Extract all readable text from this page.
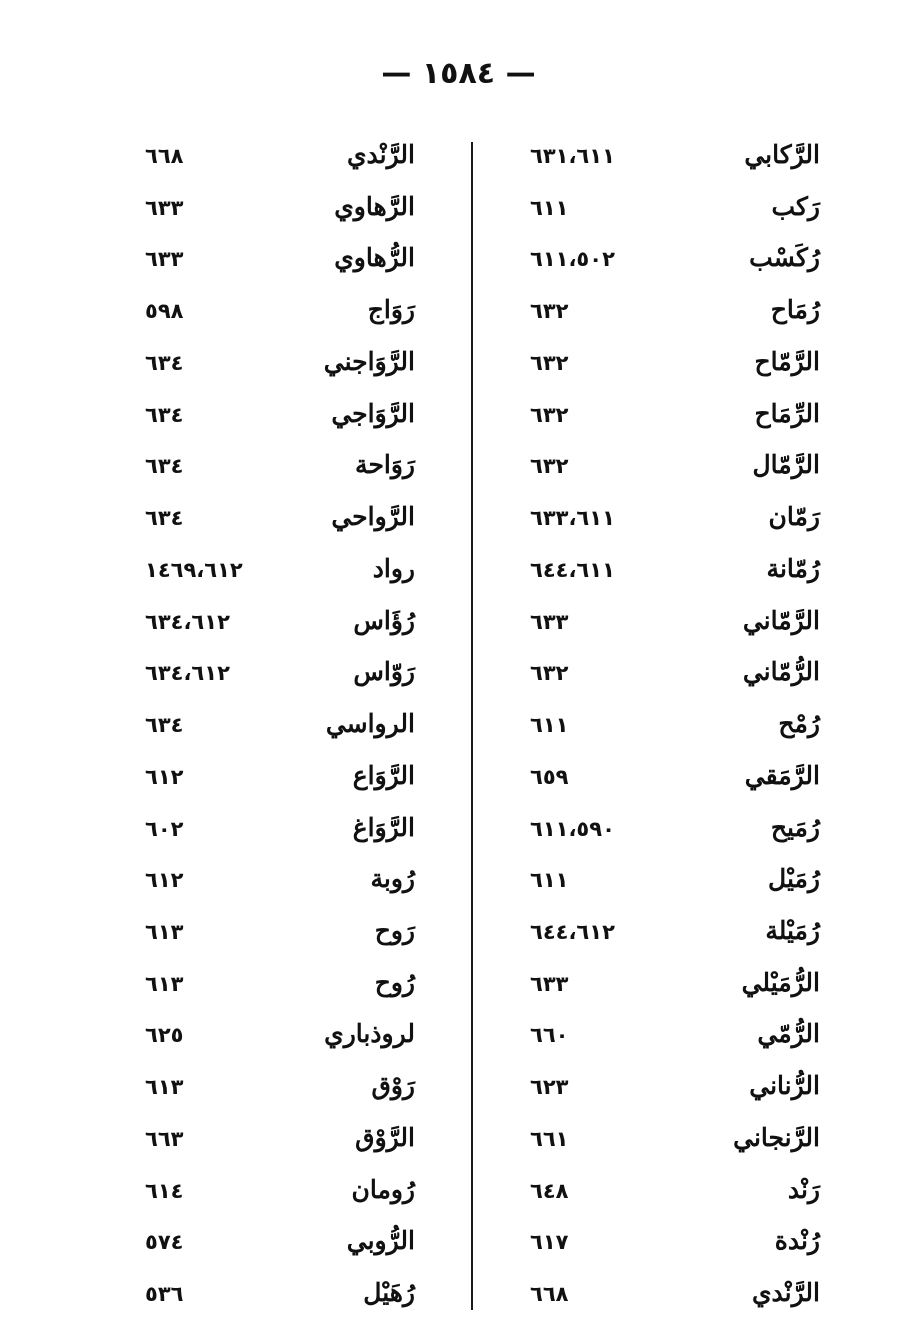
— ١٥٨٤ —
الرَّكابي
٦٣١،٦١١
رَكب
٦١١
رُكَسْب
٦١١،٥٠٢
رُمَاح
٦٣٢
الرَّمّاح
٦٣٢
الرِّمَاح
٦٣٢
الرَّمّال
٦٣٢
رَمّان
٦٣٣،٦١١
رُمّانة
٦٤٤،٦١١
الرَّمّاني
٦٣٣
الرُّمّاني
٦٣٢
رُمْح
٦١١
الرَّمَقي
٦٥٩
رُمَيح
٦١١،٥٩٠
رُمَيْل
٦١١
رُمَيْلة
٦٤٤،٦١٢
الرُّمَيْلي
٦٣٣
الرُّمّي
٦٦٠
الرُّناني
٦٢٣
الرَّنجاني
٦٦١
رَنْد
٦٤٨
رُنْدة
٦١٧
الرَّنْدي
٦٦٨
الرَّنْدي
٦٦٨
الرَّهاوي
٦٣٣
الرُّهاوي
٦٣٣
رَوَاج
٥٩٨
الرَّوَاجني
٦٣٤
الرَّوَاجي
٦٣٤
رَوَاحة
٦٣٤
الرَّواحي
٦٣٤
رواد
١٤٦٩،٦١٢
رُؤَاس
٦٣٤،٦١٢
رَوّاس
٦٣٤،٦١٢
الرواسي
٦٣٤
الرَّوَاع
٦١٢
الرَّوَاغ
٦٠٢
رُوبة
٦١٢
رَوح
٦١٣
رُوح
٦١٣
لروذباري
٦٢٥
رَوْق
٦١٣
الرَّوْق
٦٦٣
رُومان
٦١٤
الرُّوبي
٥٧٤
رُهَيْل
٥٣٦
